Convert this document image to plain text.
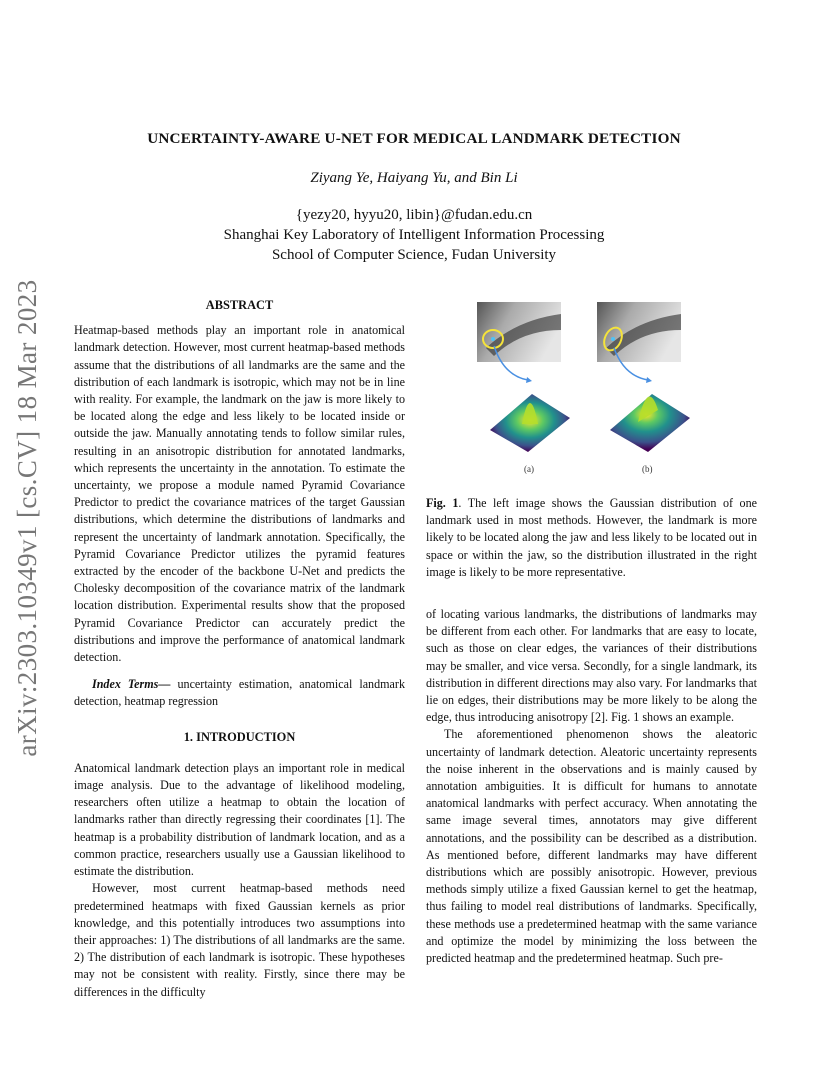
arXiv:2303.10349v1 [cs.CV] 18 Mar 2023
UNCERTAINTY-AWARE U-NET FOR MEDICAL LANDMARK DETECTION
Ziyang Ye, Haiyang Yu, and Bin Li
{yezy20, hyyu20, libin}@fudan.edu.cn
Shanghai Key Laboratory of Intelligent Information Processing
School of Computer Science, Fudan University
ABSTRACT

Heatmap-based methods play an important role in anatomical landmark detection. However, most current heatmap-based methods assume that the distributions of all landmarks are the same and the distribution of each landmark is isotropic, which may not be in line with reality. For example, the landmark on the jaw is more likely to be located along the edge and less likely to be located inside or outside the jaw. Manually annotating tends to follow similar rules, resulting in an anisotropic distribution for annotated landmarks, which represents the uncertainty in the annotation. To estimate the uncertainty, we propose a module named Pyramid Covariance Predictor to predict the covariance matrices of the target Gaussian distributions, which determine the distributions of landmarks and represent the uncertainty of landmark annotation. Specifically, the Pyramid Covariance Predictor utilizes the pyramid features extracted by the encoder of the backbone U-Net and predicts the Cholesky decomposition of the covariance matrix of the landmark location distribution. Experimental results show that the proposed Pyramid Covariance Predictor can accurately predict the distributions and improve the performance of anatomical landmark detection.

Index Terms— uncertainty estimation, anatomical landmark detection, heatmap regression

1. INTRODUCTION

Anatomical landmark detection plays an important role in medical image analysis. Due to the advantage of likelihood modeling, researchers often utilize a heatmap to obtain the location of landmarks rather than directly regressing their coordinates [1]. The heatmap is a probability distribution of landmark location, and as a common practice, researchers usually use a Gaussian likelihood to estimate the distribution.

However, most current heatmap-based methods need predetermined heatmaps with fixed Gaussian kernels as prior knowledge, and this potentially introduces two assumptions into their approaches: 1) The distributions of all landmarks are the same. 2) The distribution of each landmark is isotropic. These hypotheses may not be consistent with reality. Firstly, since there may be differences in the difficulty

(a)	(b)
Fig. 1. The left image shows the Gaussian distribution of one landmark used in most methods. However, the landmark is more likely to be located along the jaw and less likely to be located out in space or within the jaw, so the distribution illustrated in the right image is likely to be more representative.

of locating various landmarks, the distributions of landmarks may be different from each other. For landmarks that are easy to locate, such as those on clear edges, the variances of their distributions may be smaller, and vice versa. Secondly, for a single landmark, its distribution in different directions may also vary. For landmarks that lie on edges, their distributions may be more likely to be along the edge, thus introducing anisotropy [2]. Fig. 1 shows an example.

The aforementioned phenomenon shows the aleatoric uncertainty of landmark detection. Aleatoric uncertainty represents the noise inherent in the observations and is mainly caused by annotation ambiguities. It is difficult for humans to annotate anatomical landmarks with perfect accuracy. When annotating the same image several times, annotators may give different annotations, and the possibility can be described as a distribution. As mentioned before, different landmarks may have different distributions which are possibly anisotropic. However, previous methods simply utilize a fixed Gaussian kernel to get the heatmap, thus failing to model real distributions of landmarks. Specifically, these methods use a predetermined heatmap with the same variance and optimize the model by minimizing the loss between the predicted heatmap and the predetermined heatmap. Such pre-
